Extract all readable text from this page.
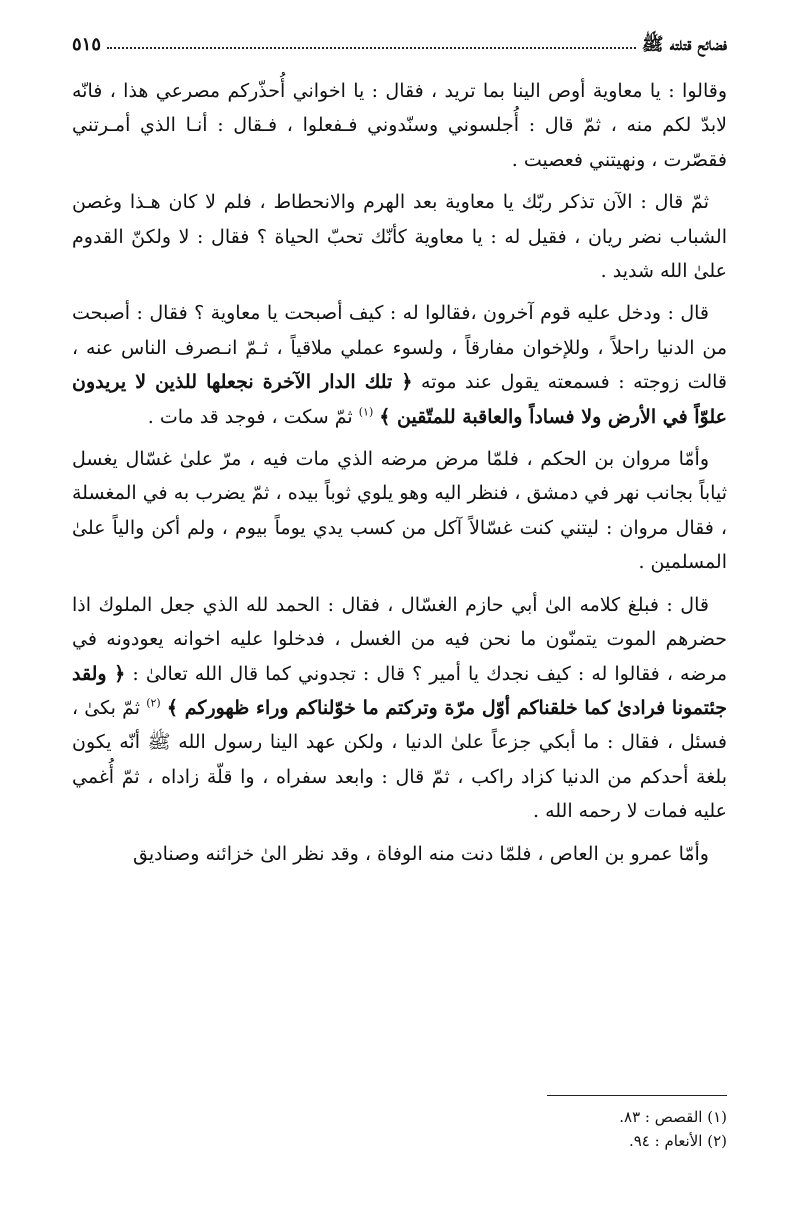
فضائح قتلته ﷺ
٥١٥

وقالوا : يا معاوية أوص الينا بما تريد ، فقال : يا اخواني أُحذّركم مصرعي هذا ، فانّه لابدّ لكم منه ، ثمّ قال : أُجلسوني وسنّدوني فـفعلوا ، فـقال : أنـا الذي أمـرتني فقصّرت ، ونهيتني فعصيت .

ثمّ قال : الآن تذكر ربّك يا معاوية بعد الهرم والانحطاط ، فلم لا كان هـذا وغصن الشباب نضر ريان ، فقيل له : يا معاوية كأنّك تحبّ الحياة ؟ فقال : لا ولكنّ القدوم علىٰ الله شديد .

قال : ودخل عليه قوم آخرون ،فقالوا له : كيف أصبحت يا معاوية ؟ فقال : أصبحت من الدنيا راحلاً ، وللإخوان مفارقاً ، ولسوء عملي ملاقياً ، ثـمّ انـصرف الناس عنه ، قالت زوجته : فسمعته يقول عند موته ﴿ تلك الدار الآخرة نجعلها للذين لا يريدون علوّاً في الأرض ولا فساداً والعاقبة للمتّقين ﴾ $^{(١)}$ ثمّ سكت ، فوجد قد مات .

وأمّا مروان بن الحكم ، فلمّا مرض مرضه الذي مات فيه ، مرّ علىٰ غسّال يغسل ثياباً بجانب نهر في دمشق ، فنظر اليه وهو يلوي ثوباً بيده ، ثمّ يضرب به في المغسلة ، فقال مروان : ليتني كنت غسّالاً آكل من كسب يدي يوماً بيوم ، ولم أكن والياً علىٰ المسلمين .

قال : فبلغ كلامه الىٰ أبي حازم الغسّال ، فقال : الحمد لله الذي جعل الملوك اذا حضرهم الموت يتمنّون ما نحن فيه من الغسل ، فدخلوا عليه اخوانه يعودونه في مرضه ، فقالوا له : كيف نجدك يا أمير ؟ قال : تجدوني كما قال الله تعالىٰ : ﴿ ولقد جئتمونا فرادىٰ كما خلقناكم أوّل مرّة وتركتم ما خوّلناكم وراء ظهوركم ﴾ $^{(٢)}$ ثمّ بكىٰ ، فسئل ، فقال : ما أبكي جزعاً علىٰ الدنيا ، ولكن عهد الينا رسول الله ﷺ أنّه يكون بلغة أحدكم من الدنيا كزاد راكب ، ثمّ قال : وابعد سفراه ، وا قلّة زاداه ، ثمّ أُغمي عليه فمات لا رحمه الله .

وأمّا عمرو بن العاص ، فلمّا دنت منه الوفاة ، وقد نظر الىٰ خزائنه وصناديق

(١) القصص : ٨٣.

(٢) الأنعام : ٩٤.
